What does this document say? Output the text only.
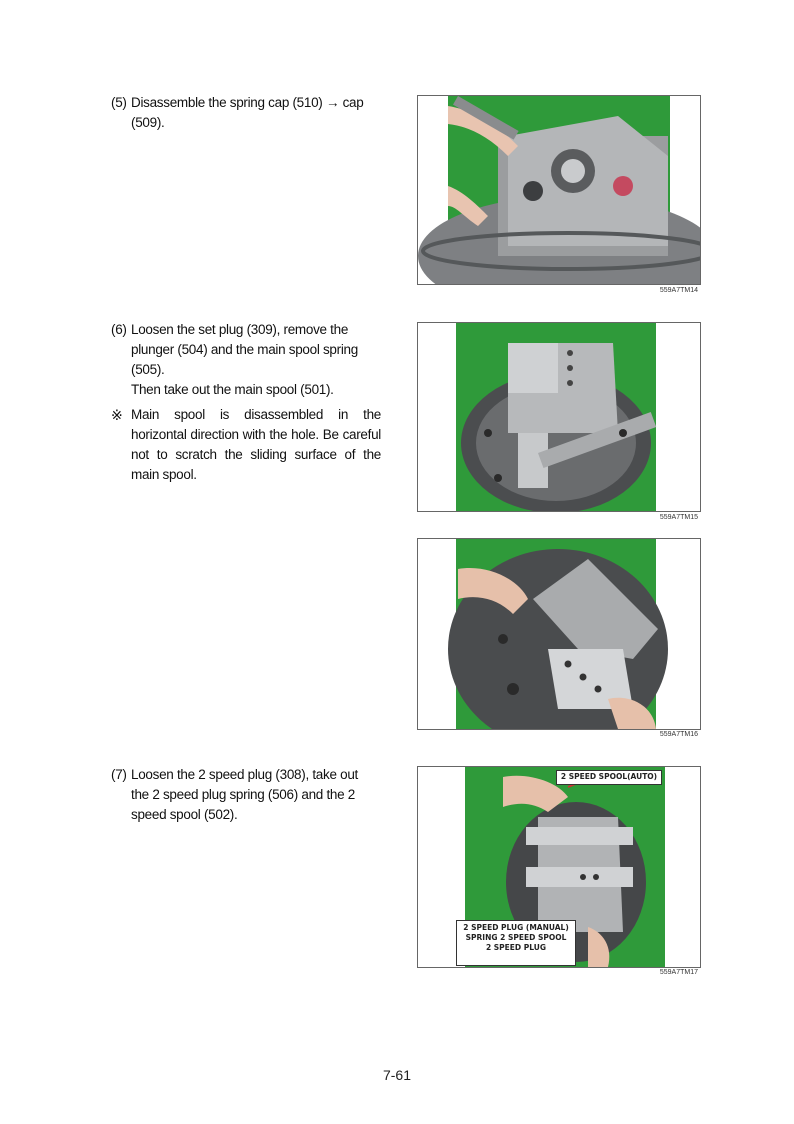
(5) Disassemble the spring cap (510) → cap
(509).
(6) Loosen the set plug (309), remove the
plunger (504) and the main spool spring
(505).
Then take out the main spool (501).
※ Main spool is disassembled in the horizontal direction with the hole. Be careful not to scratch the sliding surface of the main spool.
(7) Loosen the 2 speed plug (308), take out
the 2 speed plug spring (506) and the 2
speed spool (502).
559A7TM14
559A7TM15
559A7TM16
2 SPEED SPOOL(AUTO)
2 SPEED PLUG (MANUAL)
SPRING 2 SPEED SPOOL
2 SPEED PLUG
559A7TM17
7-61
